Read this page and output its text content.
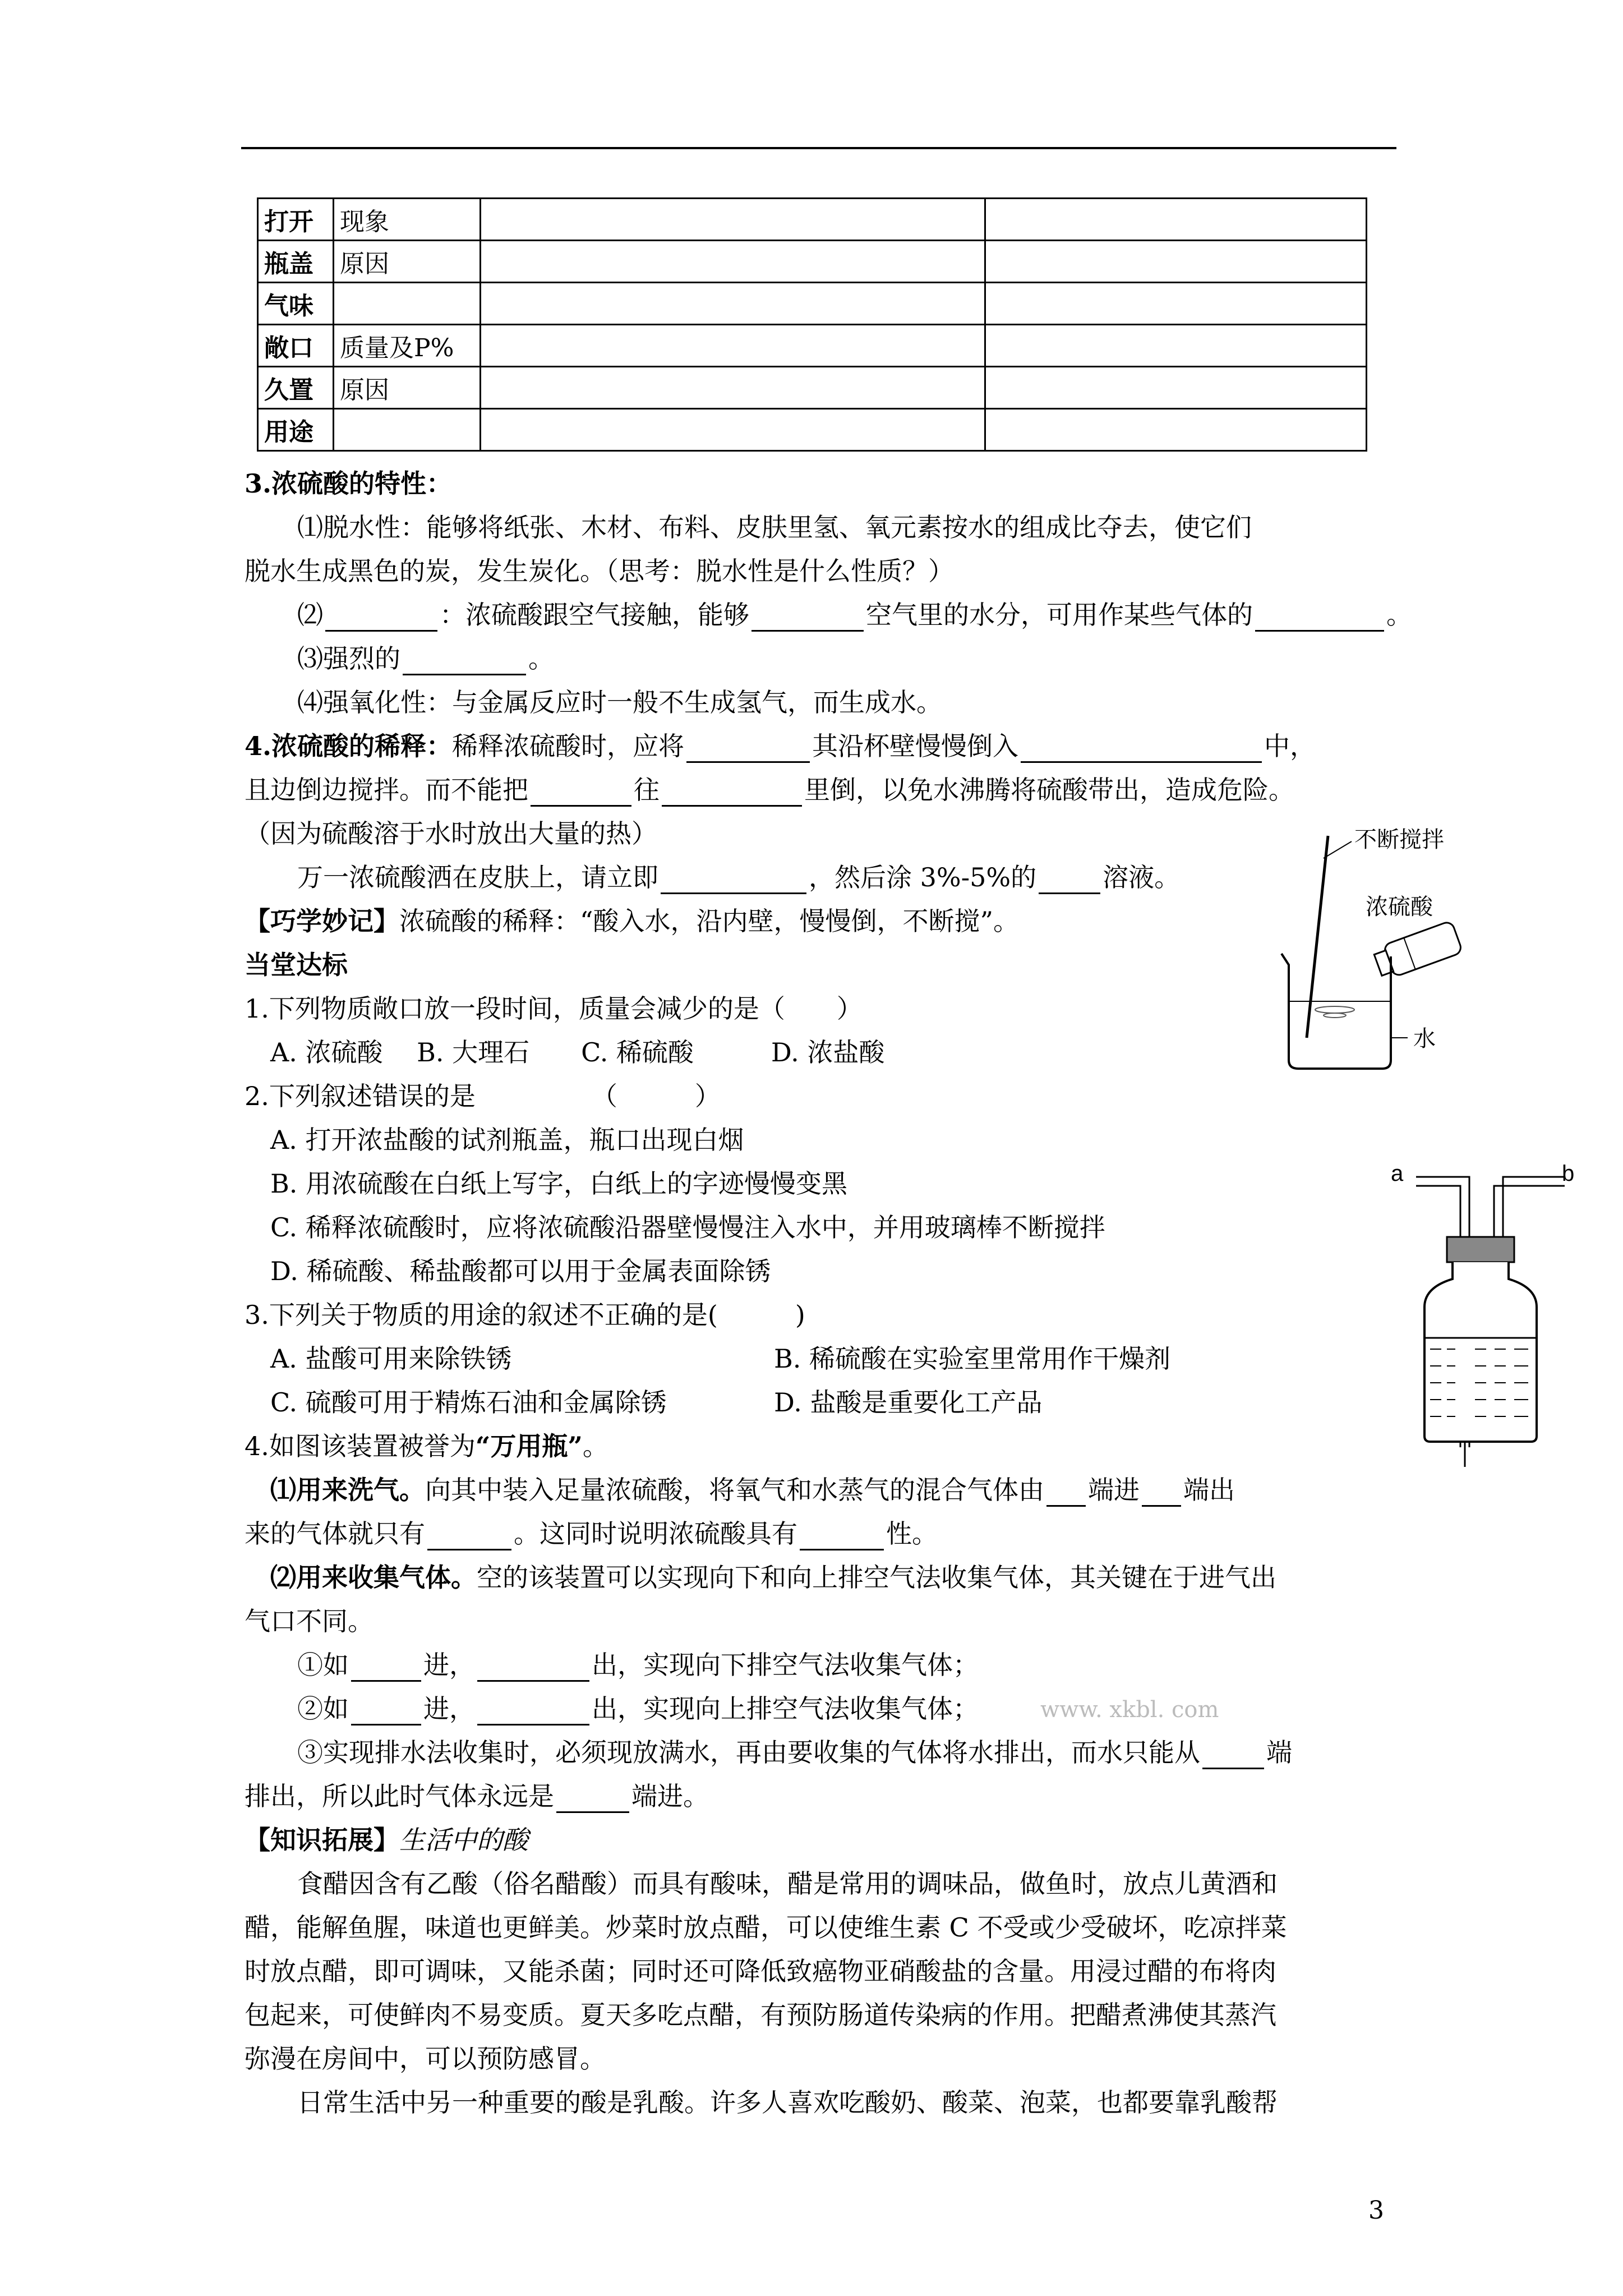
打开	现象		
瓶盖	原因		
气味			
敞口	质量及P%		
久置	原因		
用途			
3.浓硫酸的特性：
⑴脱水性：能够将纸张、木材、布料、皮肤里氢、氧元素按水的组成比夺去，使它们
脱水生成黑色的炭，发生炭化。（思考：脱水性是什么性质？）
⑵	：浓硫酸跟空气接触，能够	空气里的水分，可用作某些气体的	。
⑶强烈的	。
⑷强氧化性：与金属反应时一般不生成氢气，而生成水。
4.浓硫酸的稀释：稀释浓硫酸时，应将	其沿杯壁慢慢倒入	中，
且边倒边搅拌。而不能把	往	里倒，以免水沸腾将硫酸带出，造成危险。
（因为硫酸溶于水时放出大量的热）
万一浓硫酸洒在皮肤上，请立即	，然后涂 3%-5%的	溶液。
【巧学妙记】浓硫酸的稀释：“酸入水，沿内壁，慢慢倒，不断搅”。
不断搅拌
浓硫酸
水
当堂达标
1.下列物质敞口放一段时间，质量会减少的是（　　）
A. 浓硫酸　 B. 大理石　　C. 稀硫酸　　　D. 浓盐酸
2.下列叙述错误的是　　　　　（　　　）
A. 打开浓盐酸的试剂瓶盖，瓶口出现白烟
B. 用浓硫酸在白纸上写字，白纸上的字迹慢慢变黑
C. 稀释浓硫酸时，应将浓硫酸沿器壁慢慢注入水中，并用玻璃棒不断搅拌
D. 稀硫酸、稀盐酸都可以用于金属表面除锈
3.下列关于物质的用途的叙述不正确的是(　　　)
A. 盐酸可用来除铁锈	B. 稀硫酸在实验室里常用作干燥剂
C. 硫酸可用于精炼石油和金属除锈	D. 盐酸是重要化工产品
4.如图该装置被誉为“万用瓶”。
a	b
⑴用来洗气。向其中装入足量浓硫酸，将氧气和水蒸气的混合气体由 端进 端出
来的气体就只有	。这同时说明浓硫酸具有	性。
⑵用来收集气体。空的该装置可以实现向下和向上排空气法收集气体，其关键在于进气出
气口不同。
①如	进，	出，实现向下排空气法收集气体；
②如	进，	出，实现向上排空气法收集气体；	www. xkbl. com
③实现排水法收集时，必须现放满水，再由要收集的气体将水排出，而水只能从	端
排出，所以此时气体永远是	端进。
【知识拓展】生活中的酸
食醋因含有乙酸（俗名醋酸）而具有酸味，醋是常用的调味品，做鱼时，放点儿黄酒和
醋，能解鱼腥，味道也更鲜美。炒菜时放点醋，可以使维生素 C 不受或少受破坏，吃凉拌菜
时放点醋，即可调味，又能杀菌；同时还可降低致癌物亚硝酸盐的含量。用浸过醋的布将肉
包起来，可使鲜肉不易变质。夏天多吃点醋，有预防肠道传染病的作用。把醋煮沸使其蒸汽
弥漫在房间中，可以预防感冒。
日常生活中另一种重要的酸是乳酸。许多人喜欢吃酸奶、酸菜、泡菜，也都要靠乳酸帮
3
